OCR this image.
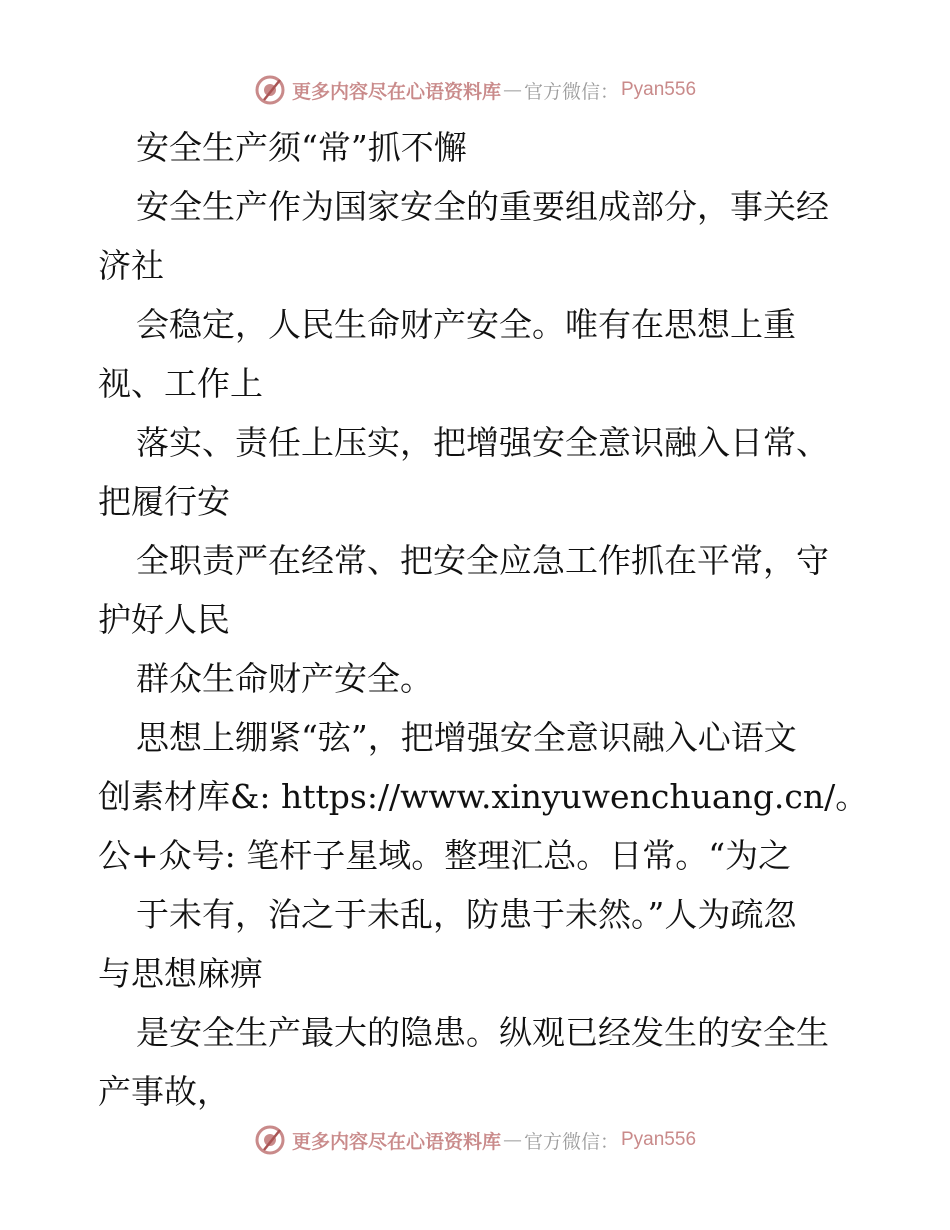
更多内容尽在心语资料库 — 官方微信： Pyan556
安全生产须“常”抓不懈
安全生产作为国家安全的重要组成部分，事关经
济社
会稳定，人民生命财产安全。唯有在思想上重
视、工作上
落实、责任上压实，把增强安全意识融入日常、
把履行安
全职责严在经常、把安全应急工作抓在平常，守
护好人民
群众生命财产安全。
思想上绷紧“弦”，把增强安全意识融入心语文
创素材库&: https://www.xinyuwenchuang.cn/。
公+众号: 笔杆子星域。整理汇总。日常。“为之
于未有，治之于未乱，防患于未然。”人为疏忽
与思想麻痹
是安全生产最大的隐患。纵观已经发生的安全生
产事故，
更多内容尽在心语资料库 — 官方微信： Pyan556
